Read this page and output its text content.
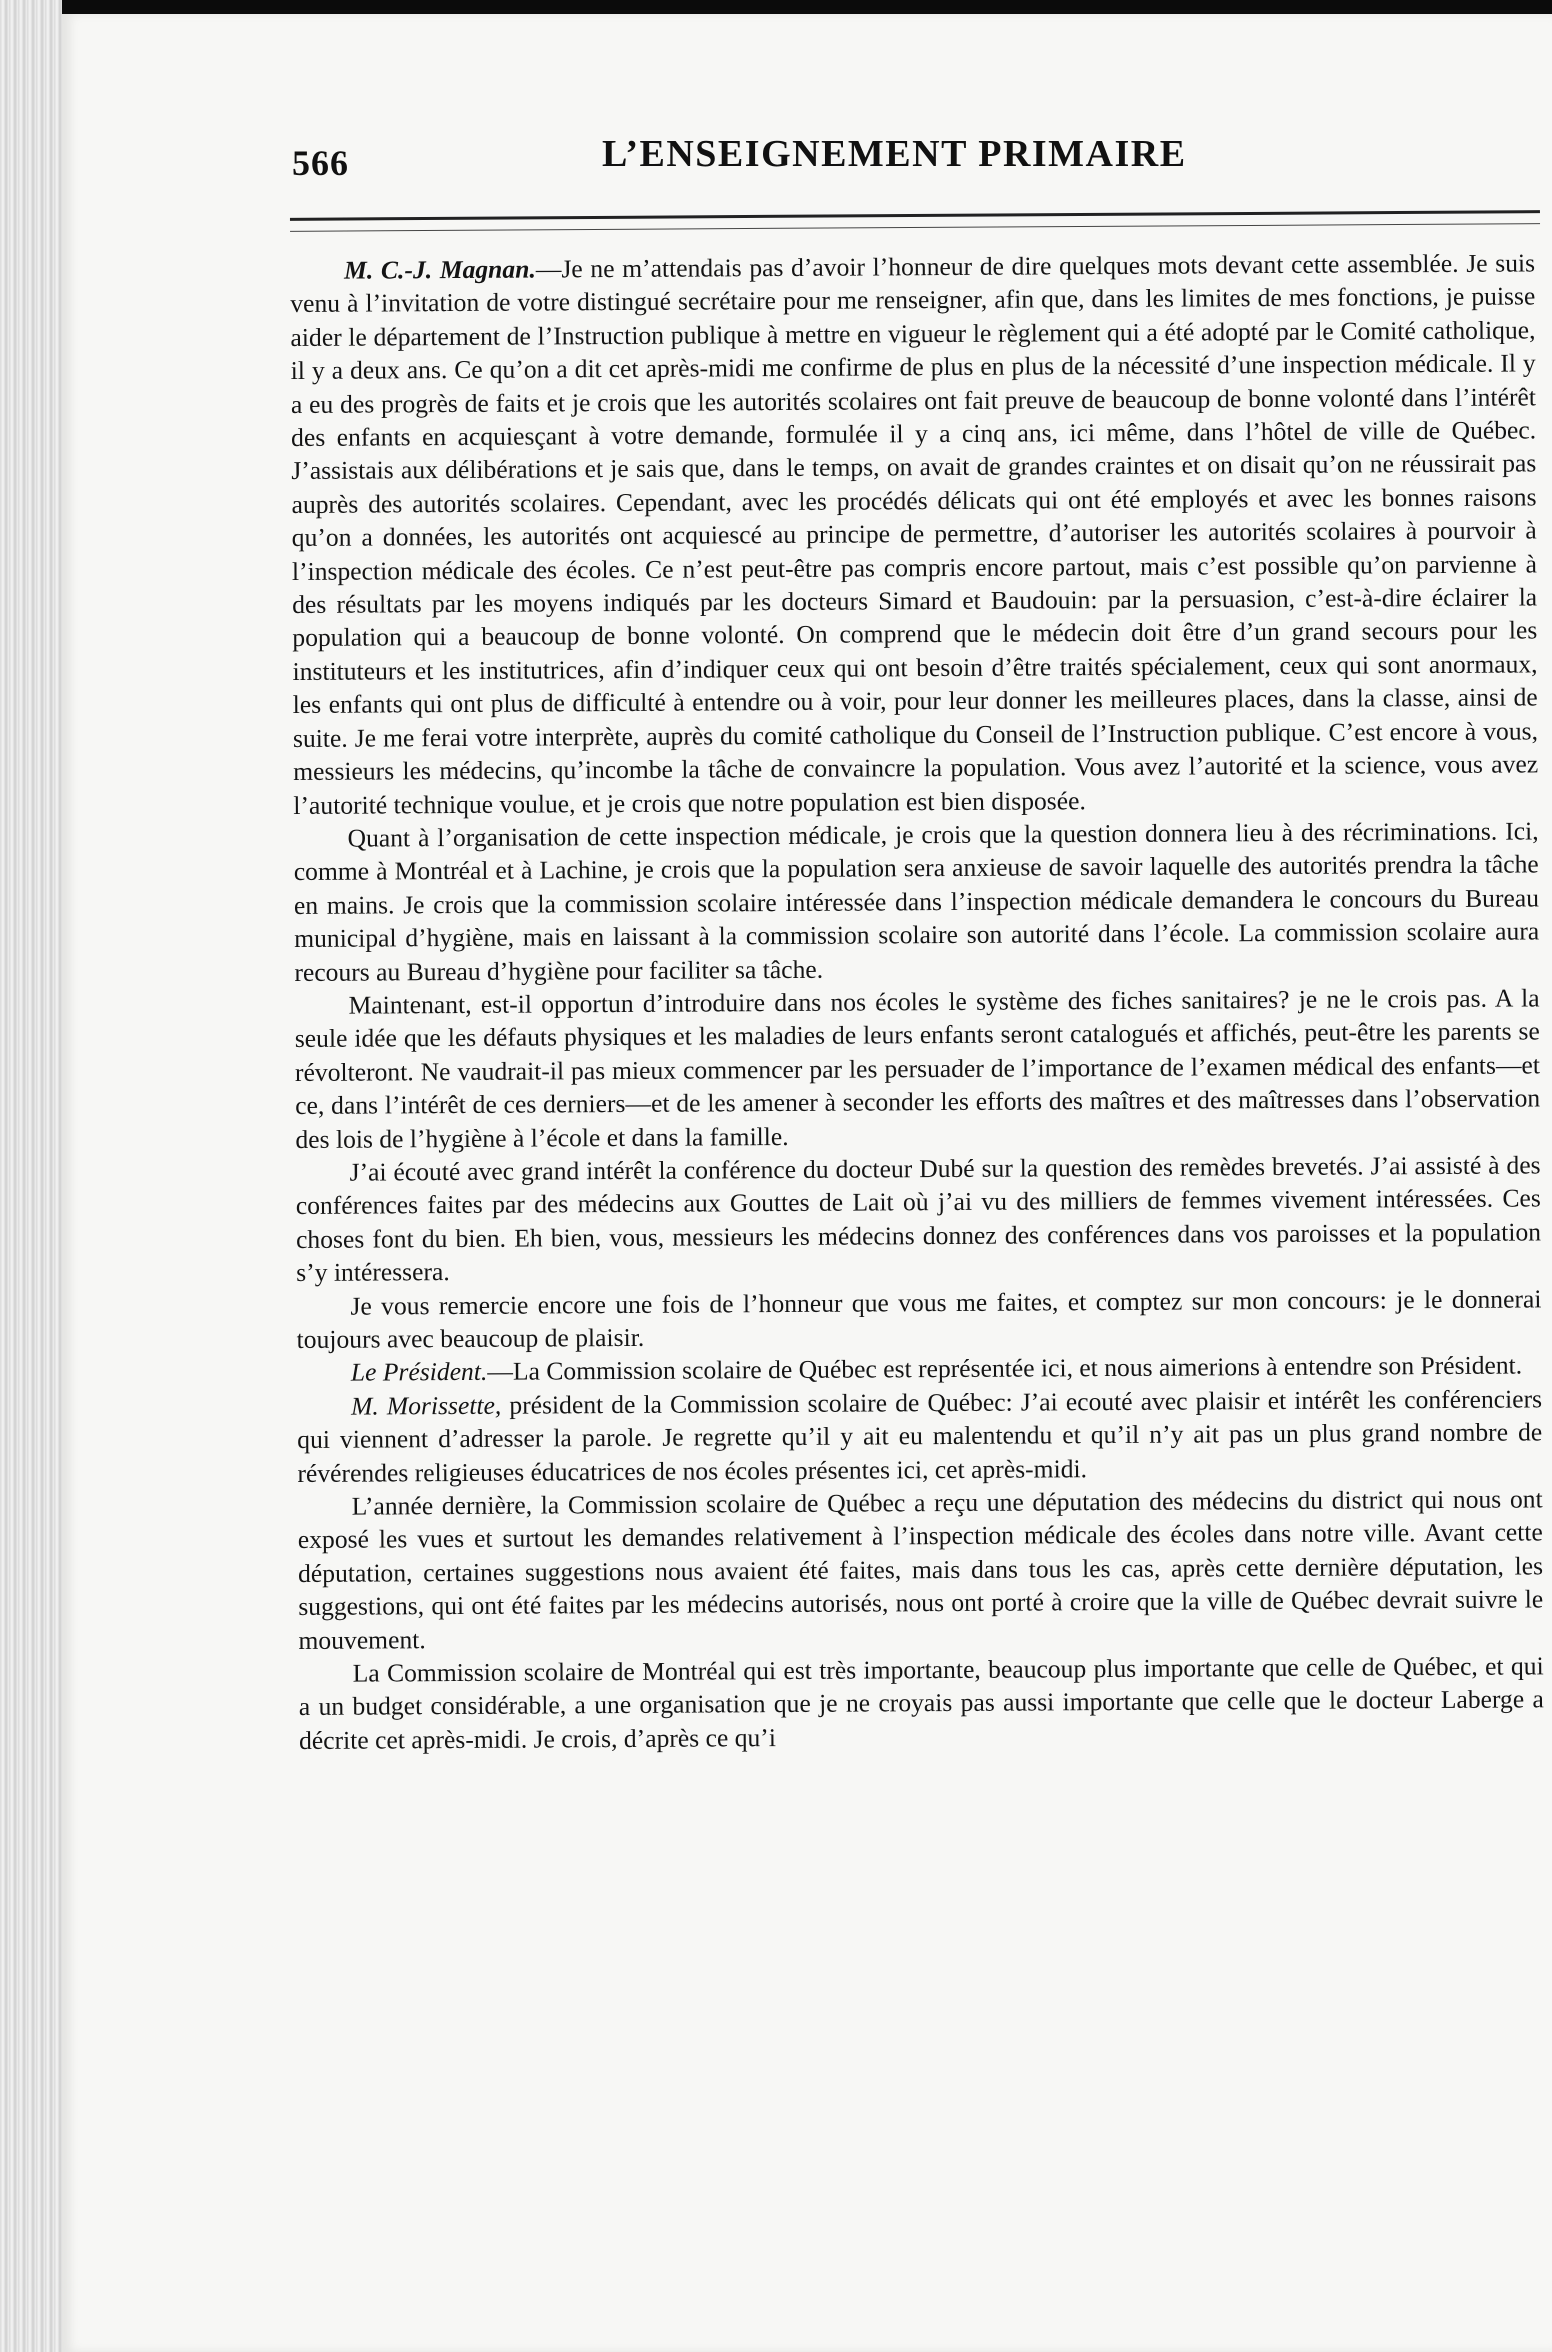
566	L’ENSEIGNEMENT PRIMAIRE

M. C.-J. Magnan.—Je ne m’attendais pas d’avoir l’honneur de dire quelques mots devant cette assemblée. Je suis venu à l’invitation de votre distingué secrétaire pour me renseigner, afin que, dans les limites de mes fonctions, je puisse aider le département de l’Instruction publique à mettre en vigueur le règlement qui a été adopté par le Comité catholique, il y a deux ans. Ce qu’on a dit cet après-midi me confirme de plus en plus de la nécessité d’une inspection médicale. Il y a eu des progrès de faits et je crois que les autorités scolaires ont fait preuve de beaucoup de bonne volonté dans l’intérêt des enfants en acquiesçant à votre demande, formulée il y a cinq ans, ici même, dans l’hôtel de ville de Québec. J’assistais aux délibérations et je sais que, dans le temps, on avait de grandes craintes et on disait qu’on ne réussirait pas auprès des autorités scolaires. Cependant, avec les procédés délicats qui ont été employés et avec les bonnes raisons qu’on a données, les autorités ont acquiescé au principe de permettre, d’autoriser les autorités scolaires à pourvoir à l’inspection médicale des écoles. Ce n’est peut-être pas compris encore partout, mais c’est possible qu’on parvienne à des résultats par les moyens indiqués par les docteurs Simard et Baudouin: par la persuasion, c’est-à-dire éclairer la population qui a beaucoup de bonne volonté. On comprend que le médecin doit être d’un grand secours pour les instituteurs et les institutrices, afin d’indiquer ceux qui ont besoin d’être traités spécialement, ceux qui sont anormaux, les enfants qui ont plus de difficulté à entendre ou à voir, pour leur donner les meilleures places, dans la classe, ainsi de suite. Je me ferai votre interprète, auprès du comité catholique du Conseil de l’Instruction publique. C’est encore à vous, messieurs les médecins, qu’incombe la tâche de convaincre la population. Vous avez l’autorité et la science, vous avez l’autorité technique voulue, et je crois que notre population est bien disposée.

Quant à l’organisation de cette inspection médicale, je crois que la question donnera lieu à des récriminations. Ici, comme à Montréal et à Lachine, je crois que la population sera anxieuse de savoir laquelle des autorités prendra la tâche en mains. Je crois que la commission scolaire intéressée dans l’inspection médicale demandera le concours du Bureau municipal d’hygiène, mais en laissant à la commission scolaire son autorité dans l’école. La commission scolaire aura recours au Bureau d’hygiène pour faciliter sa tâche.

Maintenant, est-il opportun d’introduire dans nos écoles le système des fiches sanitaires? je ne le crois pas. A la seule idée que les défauts physiques et les maladies de leurs enfants seront catalogués et affichés, peut-être les parents se révolteront. Ne vaudrait-il pas mieux commencer par les persuader de l’importance de l’examen médical des enfants—et ce, dans l’intérêt de ces derniers—et de les amener à seconder les efforts des maîtres et des maîtresses dans l’observation des lois de l’hygiène à l’école et dans la famille.

J’ai écouté avec grand intérêt la conférence du docteur Dubé sur la question des remèdes brevetés. J’ai assisté à des conférences faites par des médecins aux Gouttes de Lait où j’ai vu des milliers de femmes vivement intéressées. Ces choses font du bien. Eh bien, vous, messieurs les médecins donnez des conférences dans vos paroisses et la population s’y intéressera.

Je vous remercie encore une fois de l’honneur que vous me faites, et comptez sur mon concours: je le donnerai toujours avec beaucoup de plaisir.

Le Président.—La Commission scolaire de Québec est représentée ici, et nous aimerions à entendre son Président.

M. Morissette, président de la Commission scolaire de Québec: J’ai ecouté avec plaisir et intérêt les conférenciers qui viennent d’adresser la parole. Je regrette qu’il y ait eu malentendu et qu’il n’y ait pas un plus grand nombre de révérendes religieuses éducatrices de nos écoles présentes ici, cet après-midi.

L’année dernière, la Commission scolaire de Québec a reçu une députation des médecins du district qui nous ont exposé les vues et surtout les demandes relativement à l’inspection médicale des écoles dans notre ville. Avant cette députation, certaines suggestions nous avaient été faites, mais dans tous les cas, après cette dernière députation, les suggestions, qui ont été faites par les médecins autorisés, nous ont porté à croire que la ville de Québec devrait suivre le mouvement.

La Commission scolaire de Montréal qui est très importante, beaucoup plus importante que celle de Québec, et qui a un budget considérable, a une organisation que je ne croyais pas aussi importante que celle que le docteur Laberge a décrite cet après-midi. Je crois, d’après ce qu’i
